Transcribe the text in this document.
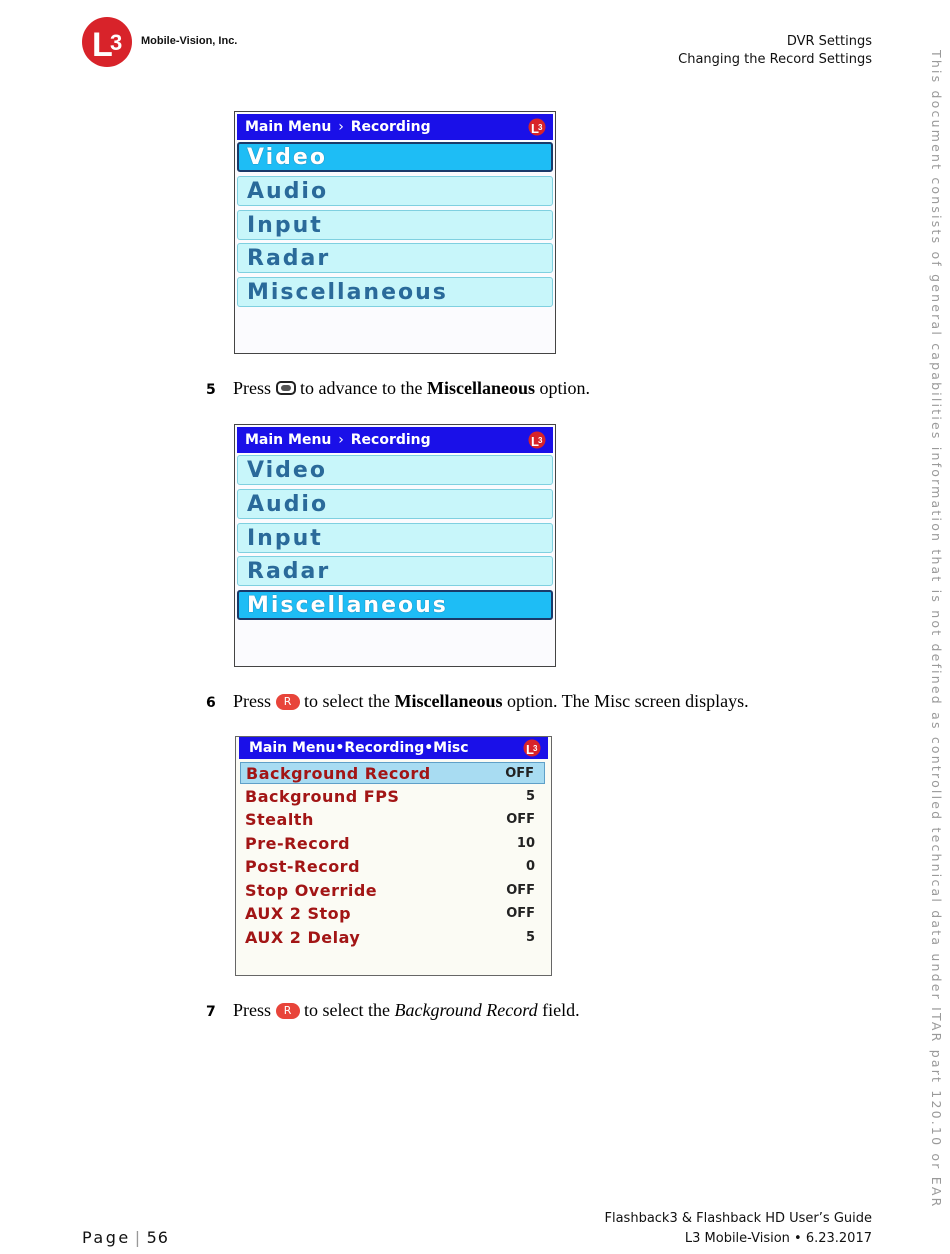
L
3 Mobile-Vision, Inc.	DVR Settings
Changing the Record Settings	This document consists of general capabilities information that is not defined as controlled technical data under ITAR part 120.10 or EAR
Main Menu › Recording	L 3
Video
Audio
Input
Radar
Miscellaneous
5 Press  to advance to the Miscellaneous option.
Main Menu › Recording	L 3
Video
Audio
Input
Radar
Miscellaneous
6 Press R to select the Miscellaneous option. The Misc screen displays.
Main Menu•Recording•Misc	L 3
Background Record	OFF
Background FPS	5
Stealth	OFF
Pre-Record	10
Post-Record	0
Stop Override	OFF
AUX 2 Stop	OFF
AUX 2 Delay	5
7 Press R to select the Background Record field.
Flashback3 & Flashback HD User’s Guide
L3 Mobile-Vision • 6.23.2017
Page | 56
